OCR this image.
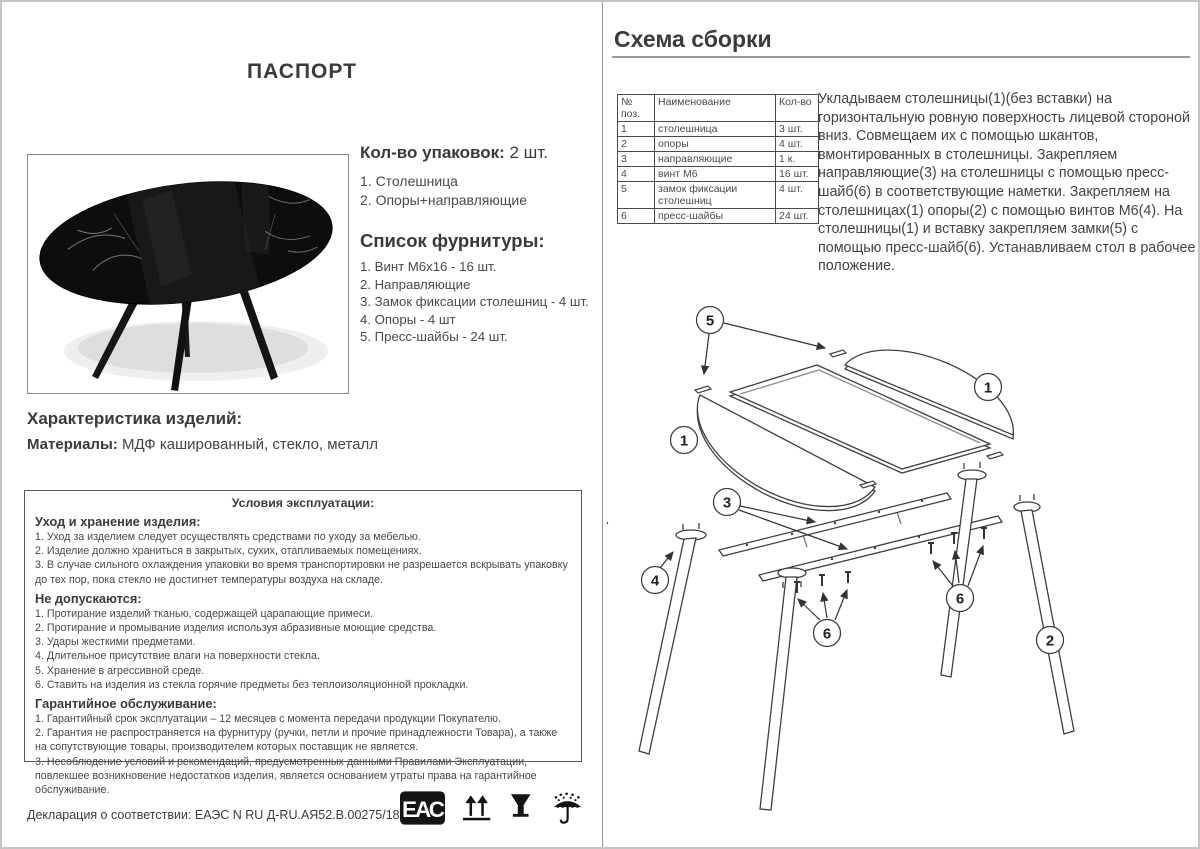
ПАСПОРТ
Кол-во упаковок: 2 шт.
1. Столешница
2. Опоры+направляющие
Список фурнитуры:
1. Винт М6х16 - 16 шт.
2. Направляющие
3. Замок фиксации столешниц - 4 шт.
4. Опоры - 4 шт
5. Пресс-шайбы - 24 шт.
Характеристика изделий:
Материалы: МДФ кашированный, стекло, металл
Условия эксплуатации:
Уход и хранение изделия:
1. Уход за изделием следует осуществлять средствами по уходу за мебелью.
2. Изделие должно храниться в закрытых, сухих, отапливаемых помещениях.
3. В случае сильного охлаждения упаковки во время транспортировки не разрешается вскрывать упаковку до тех пор, пока стекло не достигнет температуры воздуха на складе.
Не допускаются:
1. Протирание изделий тканью, содержащей царапающие примеси.
2. Протирание и промывание изделия используя абразивные моющие средства.
3. Удары жесткими предметами.
4. Длительное присутствие влаги на поверхности стекла.
5. Хранение в агрессивной среде.
6. Ставить на изделия из стекла горячие предметы без теплоизоляционной прокладки.
Гарантийное обслуживание:
1. Гарантийный срок эксплуатации – 12 месяцев с момента передачи продукции Покупателю.
2. Гарантия не распространяется на фурнитуру (ручки, петли и прочие принадлежности Товара), а также на сопутствующие товары, производителем которых поставщик не является.
3. Несоблюдение условий и рекомендаций, предусмотренных данными Правилами Эксплуатации, повлекшее возникновение недостатков изделия, является основанием утраты права на гарантийное обслуживание.
Декларация о соответствии: ЕАЭС N RU Д-RU.АЯ52.В.00275/18 ЕАС
Схема сборки
№ поз.	Наименование	Кол-во
1	столешница	3 шт.
2	опоры	4 шт.
3	направляющие	1 к.
4	винт М6	16 шт.
5	замок фиксации столешниц	4 шт.
6	пресс-шайбы	24 шт.
Укладываем столешницы(1)(без вставки) на горизонтальную ровную поверхность лицевой стороной вниз. Совмещаем их с помощью шкантов, вмонтированных в столешницы. Закрепляем направляющие(3) на столешницы с помощью пресс-шайб(6) в соответствующие наметки. Закрепляем на столешницах(1) опоры(2) с помощью винтов М6(4). На столешницы(1) и вставку закрепляем замки(5) с помощью пресс-шайб(6). Устанавливаем стол в рабочее положение.
5
1
1
3
4
6
6
2
